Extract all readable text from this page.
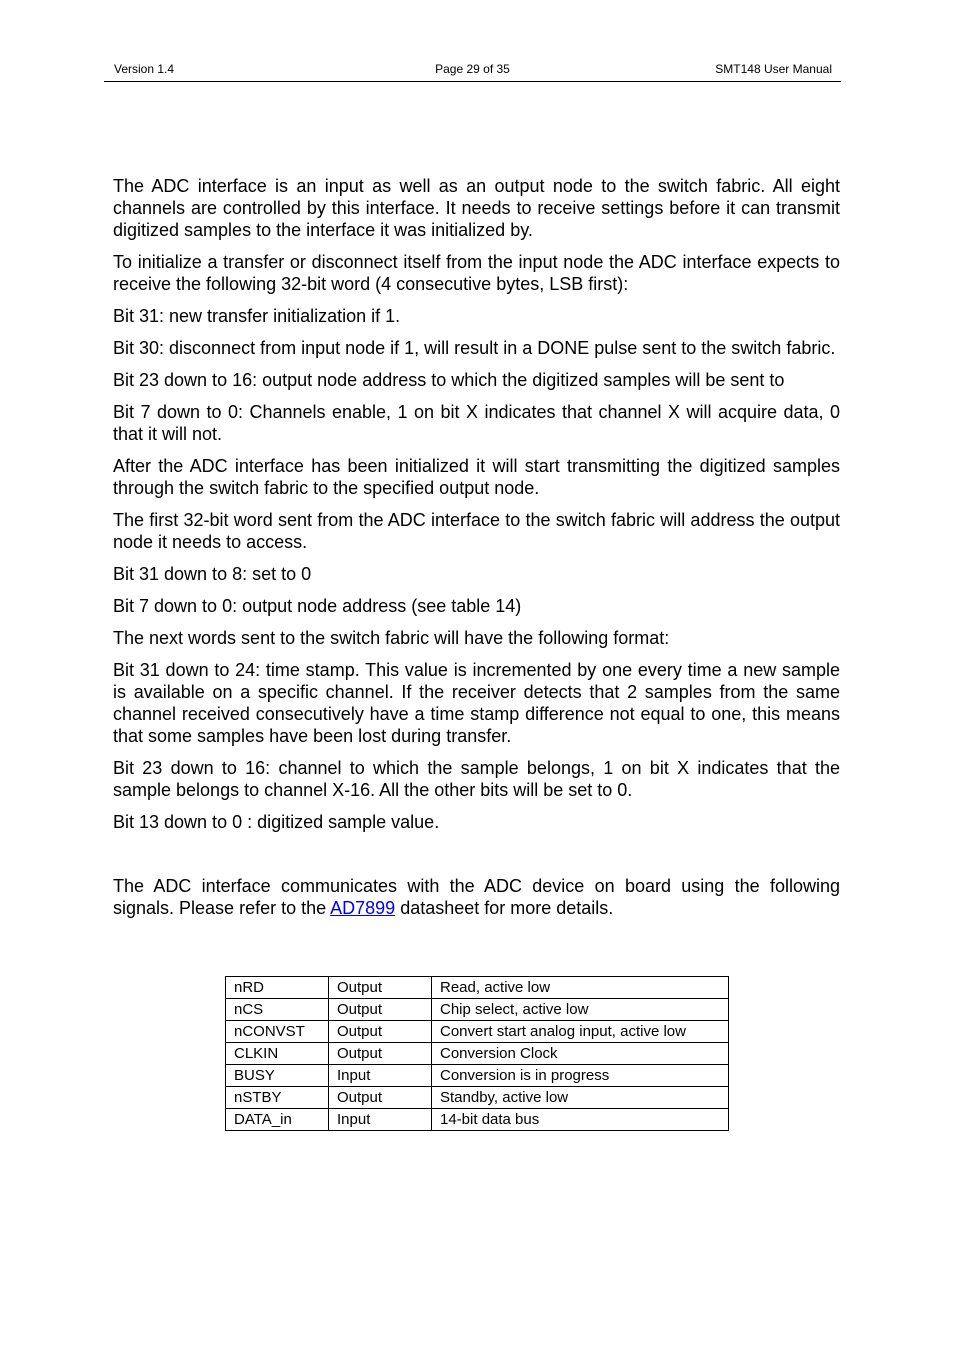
Version 1.4	Page 29 of 35	SMT148 User Manual

The ADC interface is an input as well as an output node to the switch fabric. All eight channels are controlled by this interface. It needs to receive settings before it can transmit digitized samples to the interface it was initialized by.

To initialize a transfer or disconnect itself from the input node the ADC interface expects to receive the following 32-bit word (4 consecutive bytes, LSB first):

Bit 31: new transfer initialization if 1.

Bit 30: disconnect from input node if 1, will result in a DONE pulse sent to the switch fabric.

Bit 23 down to 16: output node address to which the digitized samples will be sent to

Bit 7 down to 0: Channels enable, 1 on bit X indicates that channel X will acquire data, 0 that it will not.

After the ADC interface has been initialized it will start transmitting the digitized samples through the switch fabric to the specified output node.

The first 32-bit word sent from the ADC interface to the switch fabric will address the output node it needs to access.

Bit 31 down to 8: set to 0

Bit 7 down to 0: output node address (see table 14)

The next words sent to the switch fabric will have the following format:

Bit 31 down to 24: time stamp. This value is incremented by one every time a new sample is available on a specific channel. If the receiver detects that 2 samples from the same channel received consecutively have a time stamp difference not equal to one, this means that some samples have been lost during transfer.

Bit 23 down to 16: channel to which the sample belongs, 1 on bit X indicates that the sample belongs to channel X-16. All the other bits will be set to 0.

Bit 13 down to 0 : digitized sample value.

The ADC interface communicates with the ADC device on board using the following signals. Please refer to the AD7899 datasheet for more details.

nRD	Output	Read, active low
nCS	Output	Chip select, active low
nCONVST	Output	Convert start analog input, active low
CLKIN	Output	Conversion Clock
BUSY	Input	Conversion is in progress
nSTBY	Output	Standby, active low
DATA_in	Input	14-bit data bus
